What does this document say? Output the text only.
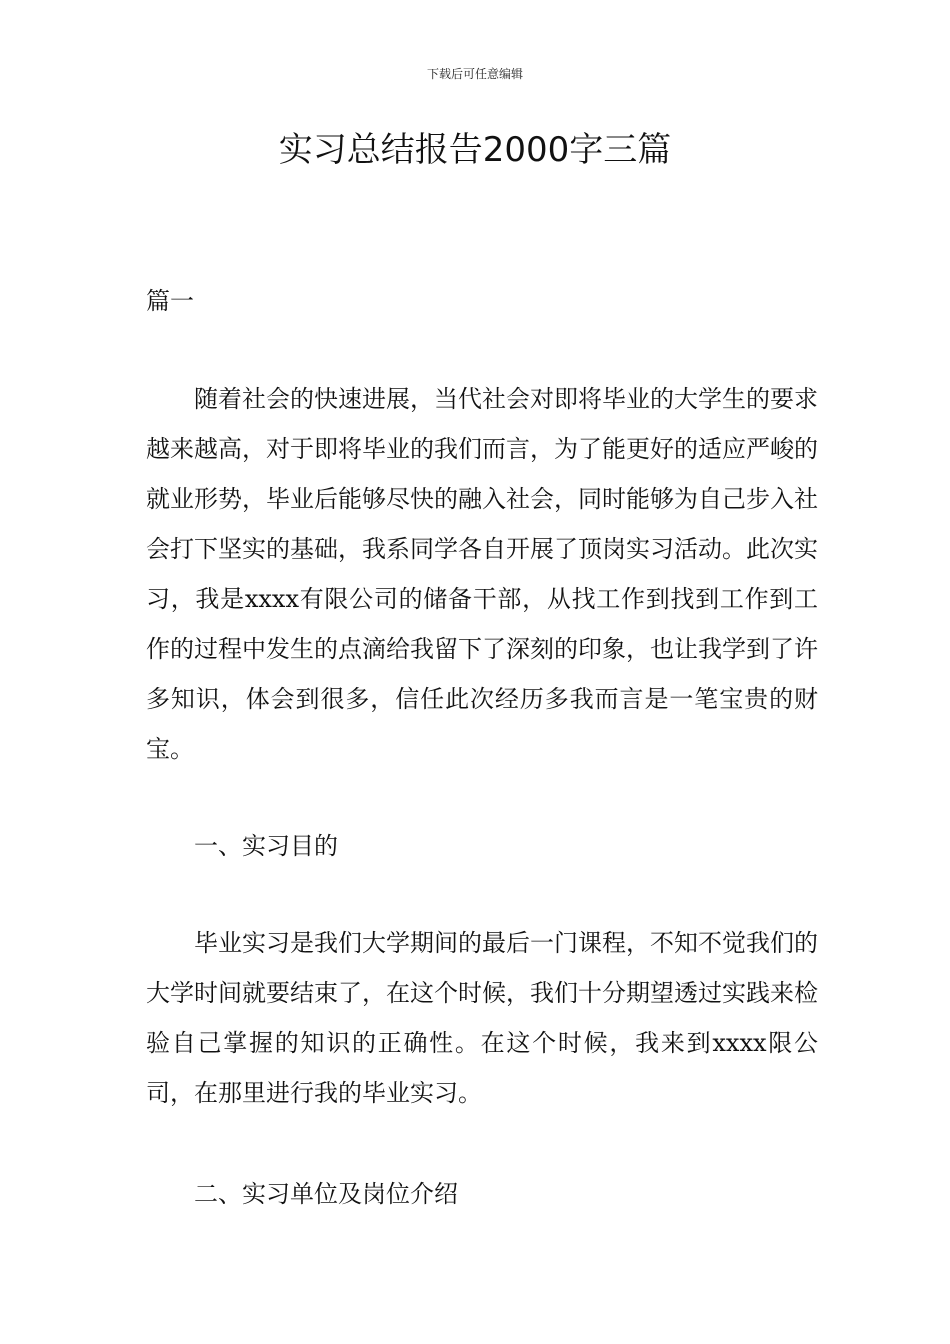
下载后可任意编辑
实习总结报告2000字三篇

篇一

随着社会的快速进展，当代社会对即将毕业的大学生的要求越来越高，对于即将毕业的我们而言，为了能更好的适应严峻的就业形势，毕业后能够尽快的融入社会，同时能够为自己步入社会打下坚实的基础，我系同学各自开展了顶岗实习活动。此次实习，我是xxxx有限公司的储备干部，从找工作到找到工作到工作的过程中发生的点滴给我留下了深刻的印象，也让我学到了许多知识，体会到很多，信任此次经历多我而言是一笔宝贵的财宝。

一、实习目的

毕业实习是我们大学期间的最后一门课程，不知不觉我们的大学时间就要结束了，在这个时候，我们十分期望透过实践来检验自己掌握的知识的正确性。在这个时候，我来到xxxx限公司，在那里进行我的毕业实习。

二、实习单位及岗位介绍
